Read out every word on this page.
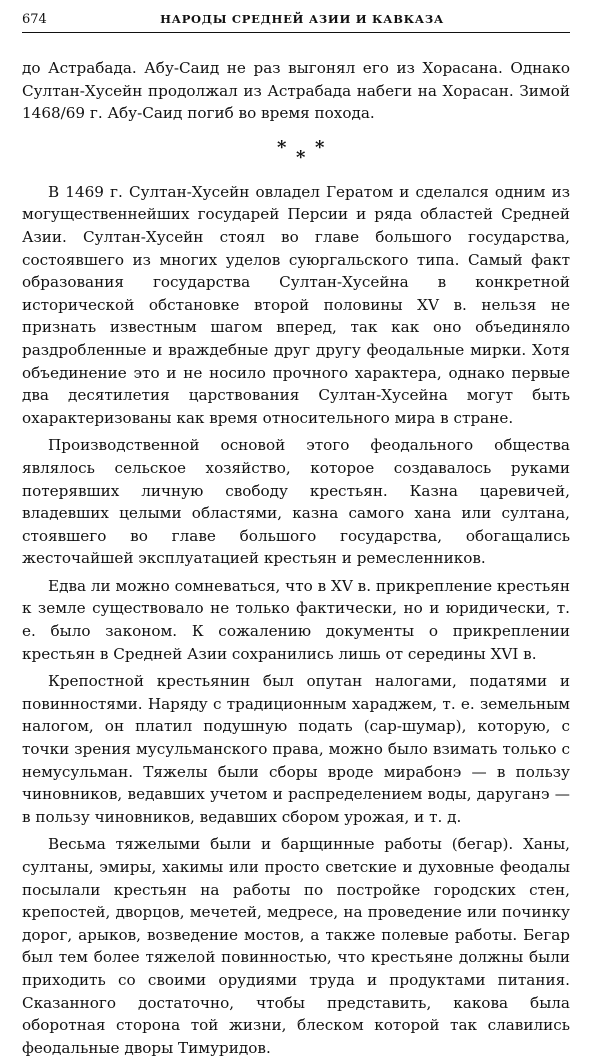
674	НАРОДЫ СРЕДНЕЙ АЗИИ И КАВКАЗА

до Астрабада. Абу-Саид не раз выгонял его из Хорасана. Однако Султан-Хусейн продолжал из Астрабада набеги на Хорасан. Зимой 1468/69 г. Абу-Саид погиб во время похода.

* * *

В 1469 г. Султан-Хусейн овладел Гератом и сделался одним из могущественнейших государей Персии и ряда областей Средней Азии. Султан-Хусейн стоял во главе большого государства, состоявшего из многих уделов суюргальского типа. Самый факт образования государства Султан-Хусейна в конкретной исторической обстановке второй половины XV в. нельзя не признать известным шагом вперед, так как оно объединяло раздробленные и враждебные друг другу феодальные мирки. Хотя объединение это и не носило прочного характера, однако первые два десятилетия царствования Султан-Хусейна могут быть охарактеризованы как время относительного мира в стране.

Производственной основой этого феодального общества являлось сельское хозяйство, которое создавалось руками потерявших личную свободу крестьян. Казна царевичей, владевших целыми областями, казна самого хана или султана, стоявшего во главе большого государства, обогащались жесточайшей эксплуатацией крестьян и ремесленников.

Едва ли можно сомневаться, что в XV в. прикрепление крестьян к земле существовало не только фактически, но и юридически, т. е. было законом. К сожалению документы о прикреплении крестьян в Средней Азии сохранились лишь от середины XVI в.

Крепостной крестьянин был опутан налогами, податями и повинностями. Наряду с традиционным хараджем, т. е. земельным налогом, он платил подушную подать (сар-шумар), которую, с точки зрения мусульманского права, можно было взимать только с немусульман. Тяжелы были сборы вроде мирабонэ — в пользу чиновников, ведавших учетом и распределением воды, даруганэ — в пользу чиновников, ведавших сбором урожая, и т. д.

Весьма тяжелыми были и барщинные работы (бегар). Ханы, султаны, эмиры, хакимы или просто светские и духовные феодалы посылали крестьян на работы по постройке городских стен, крепостей, дворцов, мечетей, медресе, на проведение или починку дорог, арыков, возведение мостов, а также полевые работы. Бегар был тем более тяжелой повинностью, что крестьяне должны были приходить со своими орудиями труда и продуктами питания. Сказанного достаточно, чтобы представить, какова была оборотная сторона той жизни, блеском которой так славились феодальные дворы Тимуридов.
